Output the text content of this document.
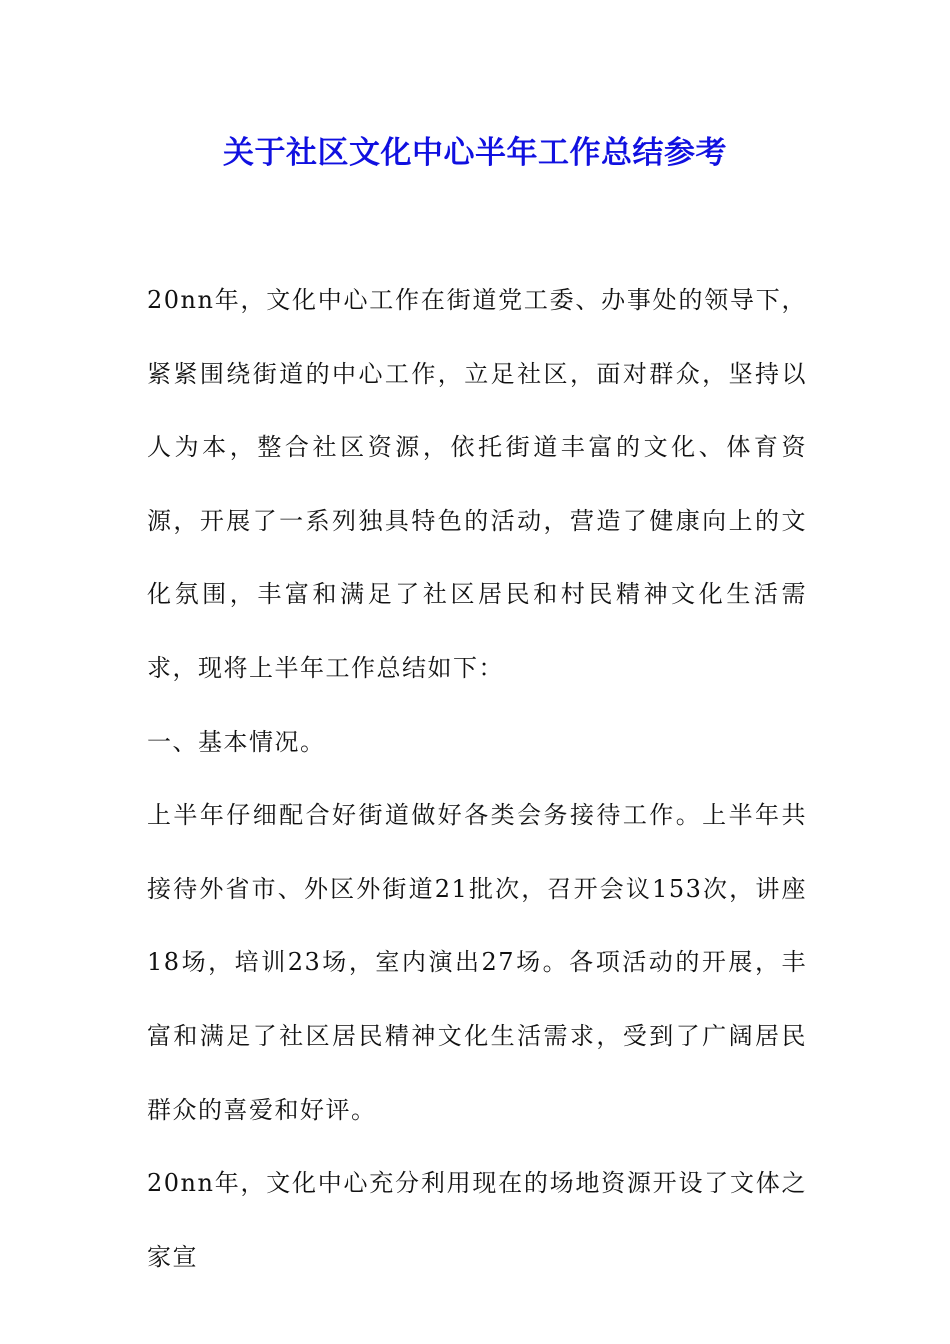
关于社区文化中心半年工作总结参考

20nn年，文化中心工作在街道党工委、办事处的领导下，紧紧围绕街道的中心工作，立足社区，面对群众，坚持以人为本，整合社区资源，依托街道丰富的文化、体育资源，开展了一系列独具特色的活动，营造了健康向上的文化氛围，丰富和满足了社区居民和村民精神文化生活需求，现将上半年工作总结如下：

一、基本情况。

上半年仔细配合好街道做好各类会务接待工作。上半年共接待外省市、外区外街道21批次，召开会议153次，讲座18场，培训23场，室内演出27场。各项活动的开展，丰富和满足了社区居民精神文化生活需求，受到了广阔居民群众的喜爱和好评。

20nn年，文化中心充分利用现在的场地资源开设了文体之家宣
